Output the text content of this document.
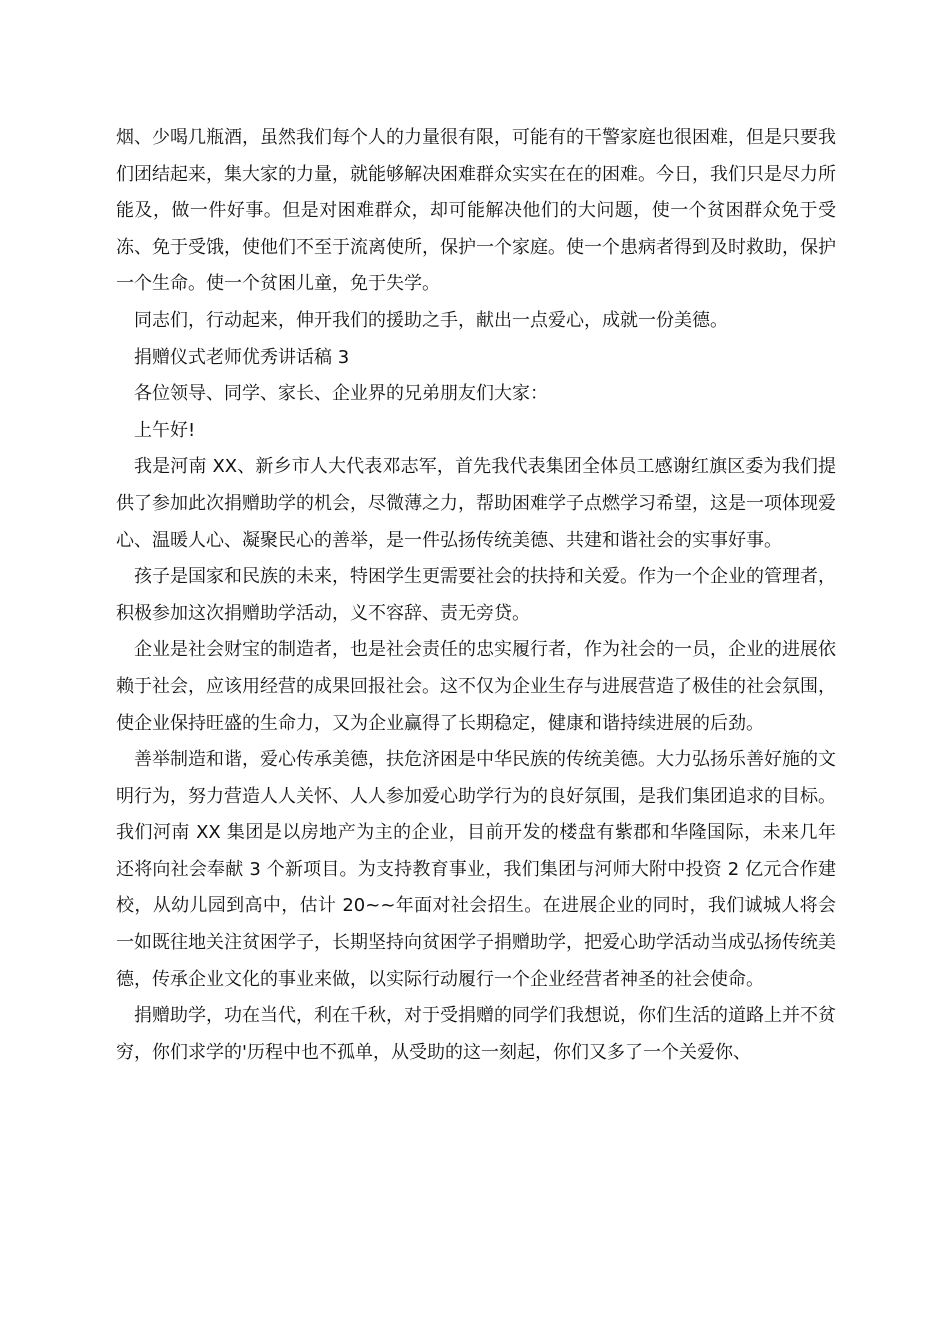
烟、少喝几瓶酒，虽然我们每个人的力量很有限，可能有的干警家庭也很困难，但是只要我们团结起来，集大家的力量，就能够解决困难群众实实在在的困难。今日，我们只是尽力所能及，做一件好事。但是对困难群众，却可能解决他们的大问题，使一个贫困群众免于受冻、免于受饿，使他们不至于流离使所，保护一个家庭。使一个患病者得到及时救助，保护一个生命。使一个贫困儿童，免于失学。

同志们，行动起来，伸开我们的援助之手，献出一点爱心，成就一份美德。

捐赠仪式老师优秀讲话稿 3

各位领导、同学、家长、企业界的兄弟朋友们大家：

上午好!

我是河南 XX、新乡市人大代表邓志军，首先我代表集团全体员工感谢红旗区委为我们提供了参加此次捐赠助学的机会，尽微薄之力，帮助困难学子点燃学习希望，这是一项体现爱心、温暖人心、凝聚民心的善举，是一件弘扬传统美德、共建和谐社会的实事好事。

孩子是国家和民族的未来，特困学生更需要社会的扶持和关爱。作为一个企业的管理者，积极参加这次捐赠助学活动，义不容辞、责无旁贷。

企业是社会财宝的制造者，也是社会责任的忠实履行者，作为社会的一员，企业的进展依赖于社会，应该用经营的成果回报社会。这不仅为企业生存与进展营造了极佳的社会氛围，使企业保持旺盛的生命力，又为企业赢得了长期稳定，健康和谐持续进展的后劲。

善举制造和谐，爱心传承美德，扶危济困是中华民族的传统美德。大力弘扬乐善好施的文明行为，努力营造人人关怀、人人参加爱心助学行为的良好氛围，是我们集团追求的目标。我们河南 XX 集团是以房地产为主的企业，目前开发的楼盘有紫郡和华隆国际，未来几年还将向社会奉献 3 个新项目。为支持教育事业，我们集团与河师大附中投资 2 亿元合作建校，从幼儿园到高中，估计 20~~年面对社会招生。在进展企业的同时，我们诚城人将会一如既往地关注贫困学子，长期坚持向贫困学子捐赠助学，把爱心助学活动当成弘扬传统美德，传承企业文化的事业来做，以实际行动履行一个企业经营者神圣的社会使命。

捐赠助学，功在当代，利在千秋，对于受捐赠的同学们我想说，你们生活的道路上并不贫穷，你们求学的'历程中也不孤单，从受助的这一刻起，你们又多了一个关爱你、
